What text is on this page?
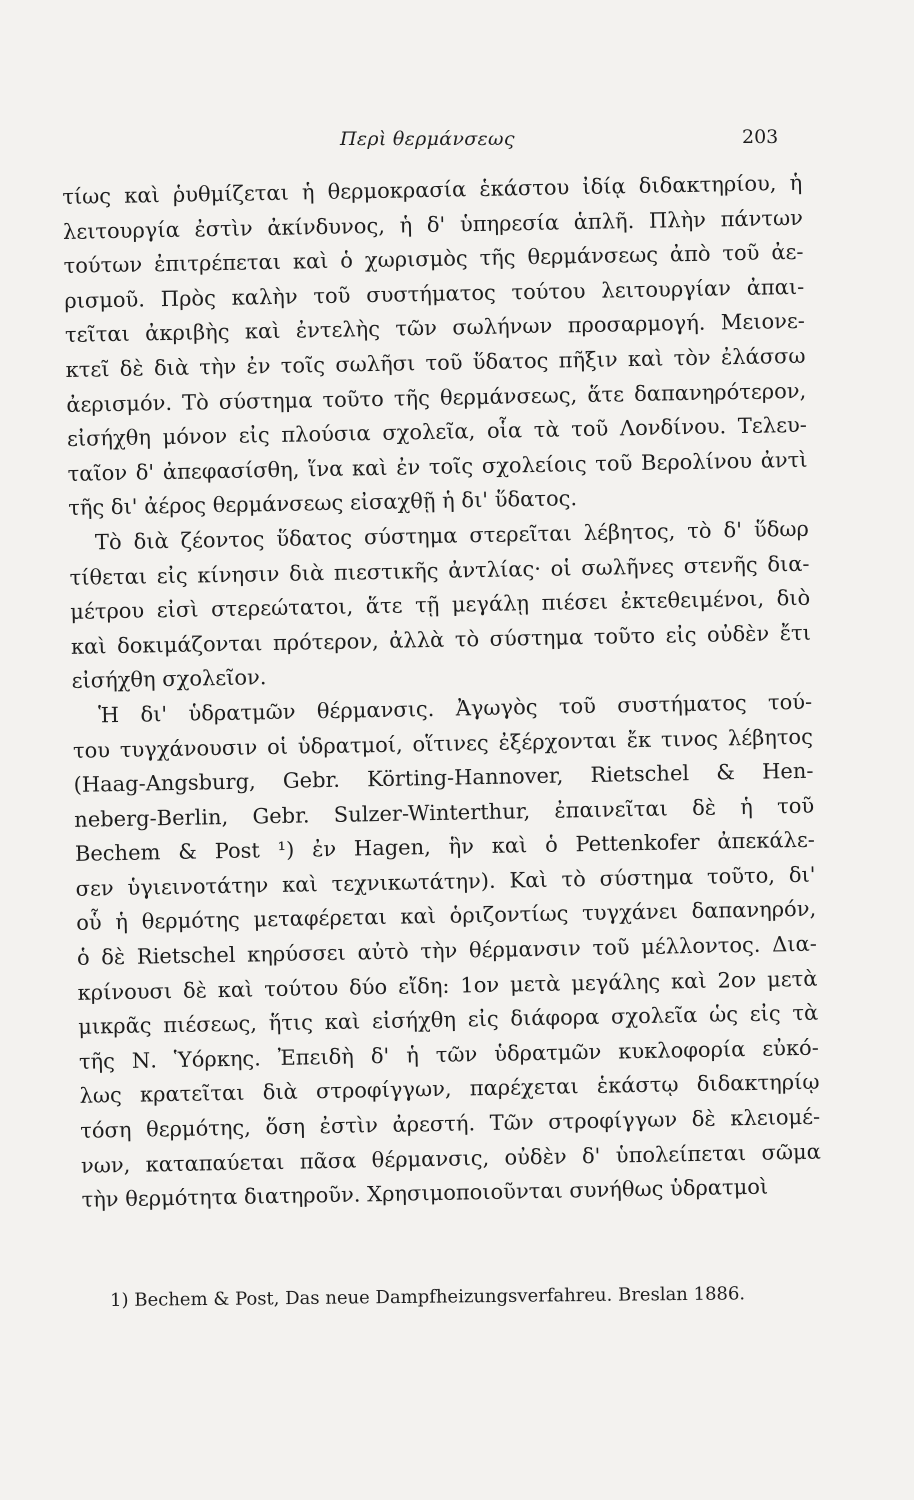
Περὶ θερμάνσεως	203
τίως καὶ ῥυθμίζεται ἡ θερμοκρασία ἑκάστου ἰδίᾳ διδακτηρίου, ἡ
λειτουργία ἐστὶν ἀκίνδυνος, ἡ δ' ὑπηρεσία ἁπλῆ. Πλὴν πάντων
τούτων ἐπιτρέπεται καὶ ὁ χωρισμὸς τῆς θερμάνσεως ἀπὸ τοῦ ἀε-
ρισμοῦ. Πρὸς καλὴν τοῦ συστήματος τούτου λειτουργίαν ἀπαι-
τεῖται ἀκριβὴς καὶ ἐντελὴς τῶν σωλήνων προσαρμογή. Μειονε-
κτεῖ δὲ διὰ τὴν ἐν τοῖς σωλῆσι τοῦ ὕδατος πῆξιν καὶ τὸν ἐλάσσω
ἀερισμόν. Τὸ σύστημα τοῦτο τῆς θερμάνσεως, ἅτε δαπανηρότερον,
εἰσήχθη μόνον εἰς πλούσια σχολεῖα, οἷα τὰ τοῦ Λονδίνου. Τελευ-
ταῖον δ' ἀπεφασίσθη, ἵνα καὶ ἐν τοῖς σχολείοις τοῦ Βερολίνου ἀντὶ
τῆς δι' ἀέρος θερμάνσεως εἰσαχθῇ ἡ δι' ὕδατος.
Τὸ διὰ ζέοντος ὕδατος σύστημα στερεῖται λέβητος, τὸ δ' ὕδωρ
τίθεται εἰς κίνησιν διὰ πιεστικῆς ἀντλίας· οἱ σωλῆνες στενῆς δια-
μέτρου εἰσὶ στερεώτατοι, ἅτε τῇ μεγάλῃ πιέσει ἐκτεθειμένοι, διὸ
καὶ δοκιμάζονται πρότερον, ἀλλὰ τὸ σύστημα τοῦτο εἰς οὐδὲν ἔτι
εἰσήχθη σχολεῖον.
Ἡ δι' ὑδρατμῶν θέρμανσις. Ἀγωγὸς τοῦ συστήματος τού-
του τυγχάνουσιν οἱ ὑδρατμοί, οἵτινες ἐξέρχονται ἔκ τινος λέβητος
(Haag-Angsburg, Gebr. Körting-Hannover, Rietschel & Hen-
neberg-Berlin, Gebr. Sulzer-Winterthur, ἐπαινεῖται δὲ ἡ τοῦ
Bechem & Post ¹) ἐν Hagen, ἣν καὶ ὁ Pettenkofer ἀπεκάλε-
σεν ὑγιεινοτάτην καὶ τεχνικωτάτην). Καὶ τὸ σύστημα τοῦτο, δι'
οὗ ἡ θερμότης μεταφέρεται καὶ ὁριζοντίως τυγχάνει δαπανηρόν,
ὁ δὲ Rietschel κηρύσσει αὐτὸ τὴν θέρμανσιν τοῦ μέλλοντος. Δια-
κρίνουσι δὲ καὶ τούτου δύο εἴδη: 1ον μετὰ μεγάλης καὶ 2ον μετὰ
μικρᾶς πιέσεως, ἥτις καὶ εἰσήχθη εἰς διάφορα σχολεῖα ὡς εἰς τὰ
τῆς Ν. Ὑόρκης. Ἐπειδὴ δ' ἡ τῶν ὑδρατμῶν κυκλοφορία εὐκό-
λως κρατεῖται διὰ στροφίγγων, παρέχεται ἑκάστῳ διδακτηρίῳ
τόση θερμότης, ὅση ἐστὶν ἀρεστή. Τῶν στροφίγγων δὲ κλειομέ-
νων, καταπαύεται πᾶσα θέρμανσις, οὐδὲν δ' ὑπολείπεται σῶμα
τὴν θερμότητα διατηροῦν. Χρησιμοποιοῦνται συνήθως ὑδρατμοὶ
1) Bechem & Post, Das neue Dampfheizungsverfahreu. Breslan 1886.
